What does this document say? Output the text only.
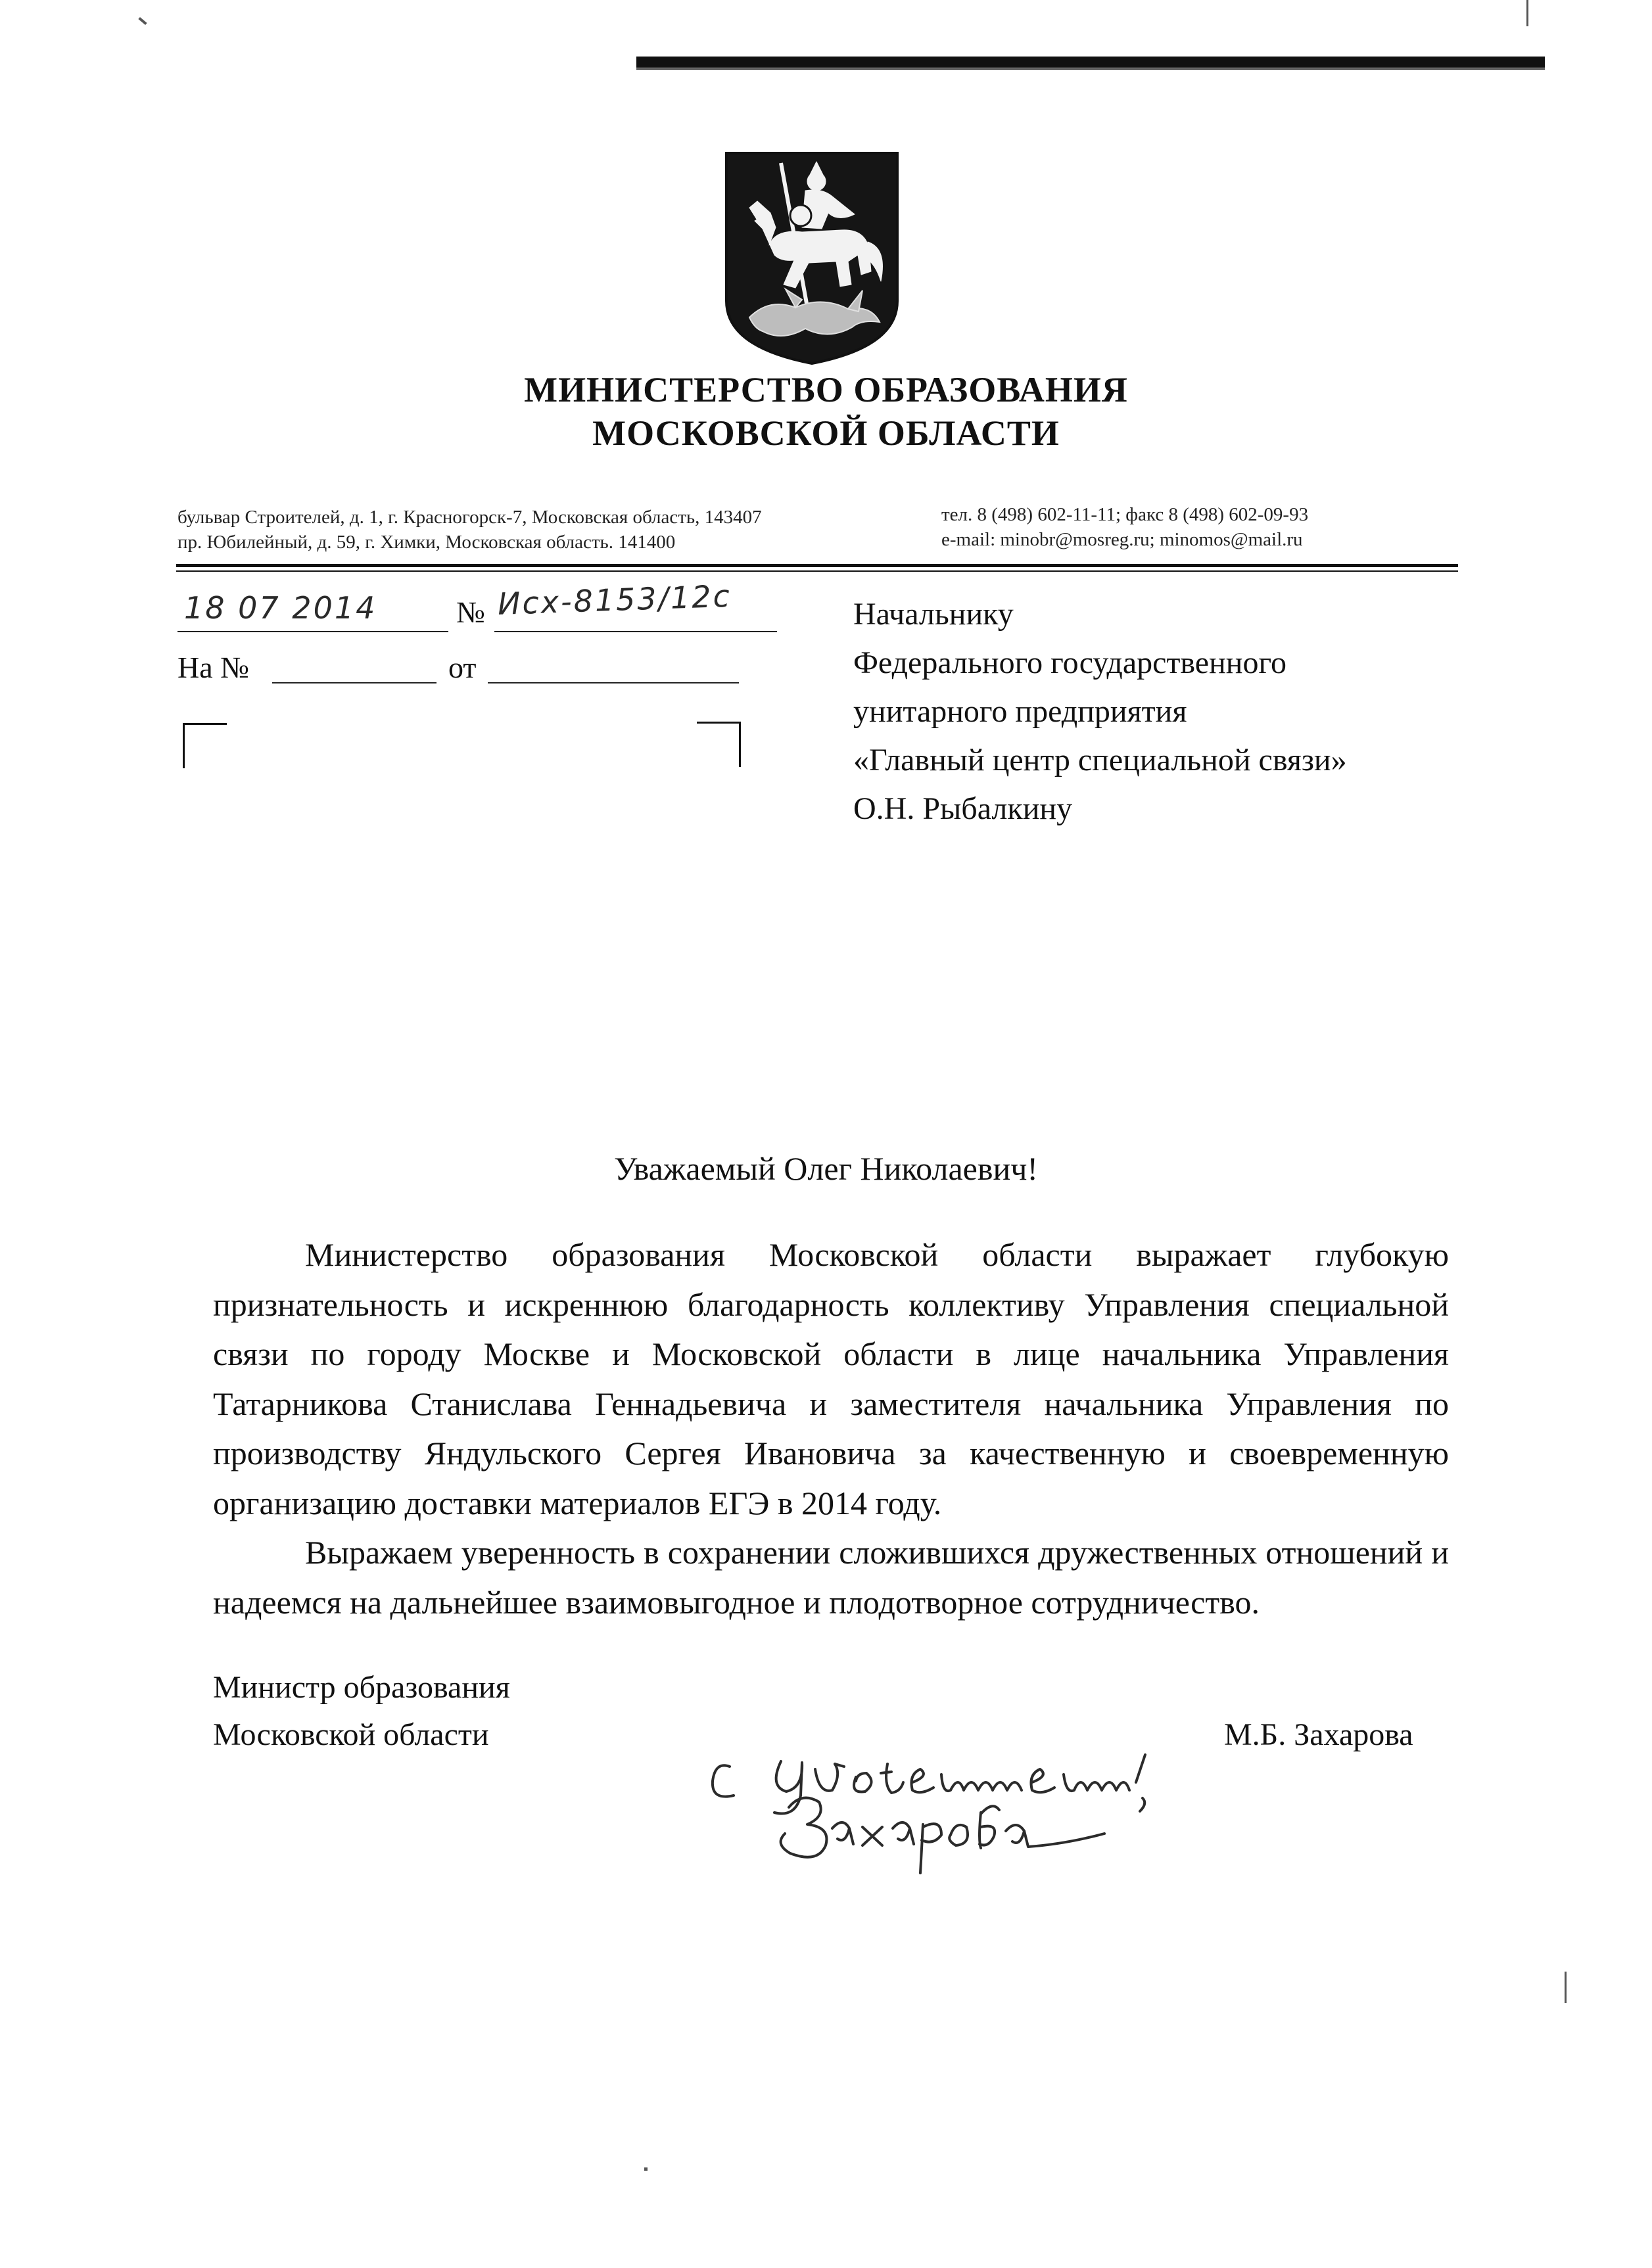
МИНИСТЕРСТВО ОБРАЗОВАНИЯ
МОСКОВСКОЙ ОБЛАСТИ
бульвар Строителей, д. 1, г. Красногорск-7, Московская область, 143407
пр. Юбилейный, д. 59, г. Химки, Московская область. 141400
тел. 8 (498) 602-11-11; факс 8 (498) 602-09-93
e-mail: minobr@mosreg.ru; minomos@mail.ru
18 07 2014	№ Исх-8153/12с
На №	от
Начальнику
Федерального государственного
унитарного предприятия
«Главный центр специальной связи»
О.Н. Рыбалкину
Уважаемый Олег Николаевич!

Министерство образования Московской области выражает глубокую признательность и искреннюю благодарность коллективу Управления специальной связи по городу Москве и Московской области в лице начальника Управления Татарникова Станислава Геннадьевича и заместителя начальника Управления по производству Яндульского Сергея Ивановича за качественную и своевременную организацию доставки материалов ЕГЭ в 2014 году.

Выражаем уверенность в сохранении сложившихся дружественных отношений и надеемся на дальнейшее взаимовыгодное и плодотворное сотрудничество.

Министр образования
Московской области	М.Б. Захарова
